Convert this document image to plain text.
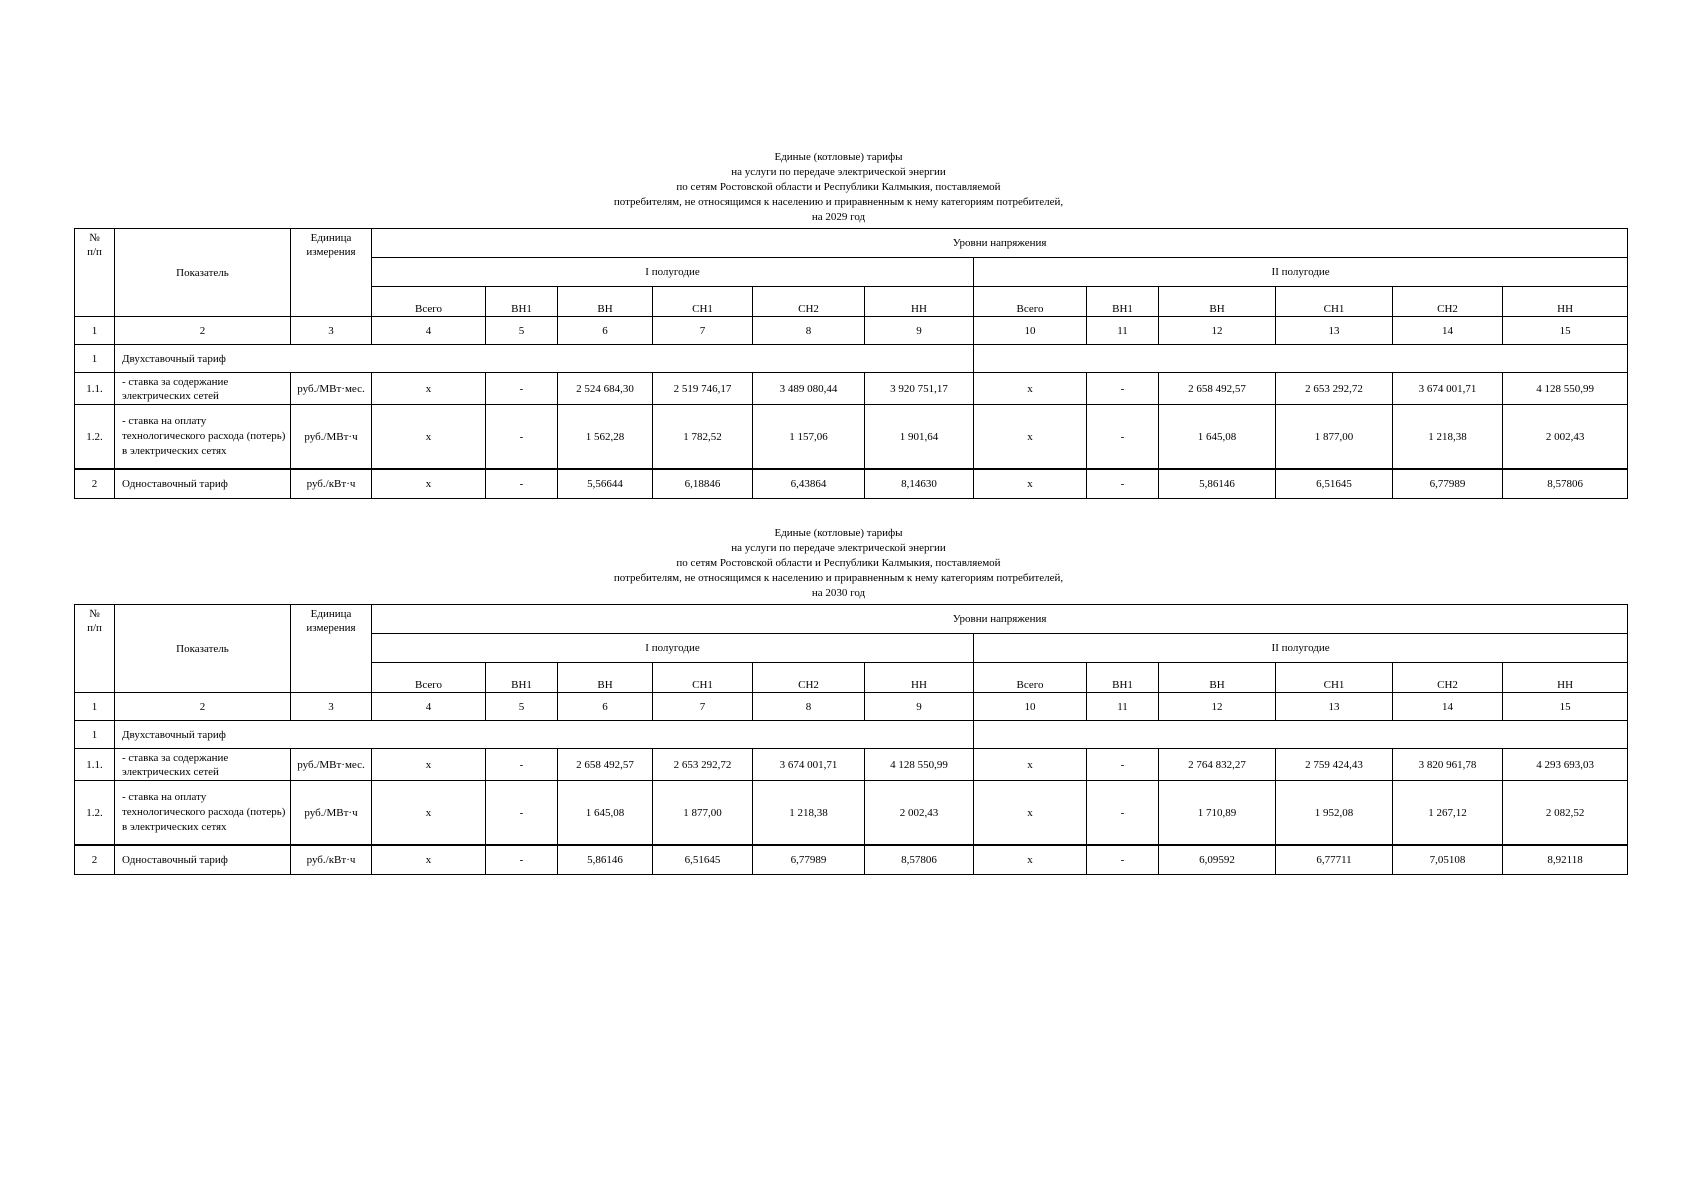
Единые (котловые) тарифы
на услуги по передаче электрической энергии
по сетям Ростовской области и Республики Калмыкия, поставляемой
потребителям, не относящимся к населению и приравненным к нему категориям потребителей,
на 2029 год
№ п/п	Показатель	Единица измерения	Уровни напряжения											
			I полугодие						II полугодие					
			Всего	ВН1	ВН	СН1	СН2	НН	Всего	ВН1	ВН	СН1	СН2	НН
1	2	3	4	5	6	7	8	9	10	11	12	13	14	15
1	Двухставочный тариф													
1.1.	- ставка за содержание электрических сетей	руб./МВт·мес.	х	-	2 524 684,30	2 519 746,17	3 489 080,44	3 920 751,17	х	-	2 658 492,57	2 653 292,72	3 674 001,71	4 128 550,99
1.2.	- ставка на оплату технологического расхода (потерь) в электрических сетях	руб./МВт·ч	х	-	1 562,28	1 782,52	1 157,06	1 901,64	х	-	1 645,08	1 877,00	1 218,38	2 002,43
2	Одноставочный тариф	руб./кВт·ч	х	-	5,56644	6,18846	6,43864	8,14630	х	-	5,86146	6,51645	6,77989	8,57806
Единые (котловые) тарифы
на услуги по передаче электрической энергии
по сетям Ростовской области и Республики Калмыкия, поставляемой
потребителям, не относящимся к населению и приравненным к нему категориям потребителей,
на 2030 год
№ п/п	Показатель	Единица измерения	Уровни напряжения											
			I полугодие						II полугодие					
			Всего	ВН1	ВН	СН1	СН2	НН	Всего	ВН1	ВН	СН1	СН2	НН
1	2	3	4	5	6	7	8	9	10	11	12	13	14	15
1	Двухставочный тариф													
1.1.	- ставка за содержание электрических сетей	руб./МВт·мес.	х	-	2 658 492,57	2 653 292,72	3 674 001,71	4 128 550,99	х	-	2 764 832,27	2 759 424,43	3 820 961,78	4 293 693,03
1.2.	- ставка на оплату технологического расхода (потерь) в электрических сетях	руб./МВт·ч	х	-	1 645,08	1 877,00	1 218,38	2 002,43	х	-	1 710,89	1 952,08	1 267,12	2 082,52
2	Одноставочный тариф	руб./кВт·ч	х	-	5,86146	6,51645	6,77989	8,57806	х	-	6,09592	6,77711	7,05108	8,92118
